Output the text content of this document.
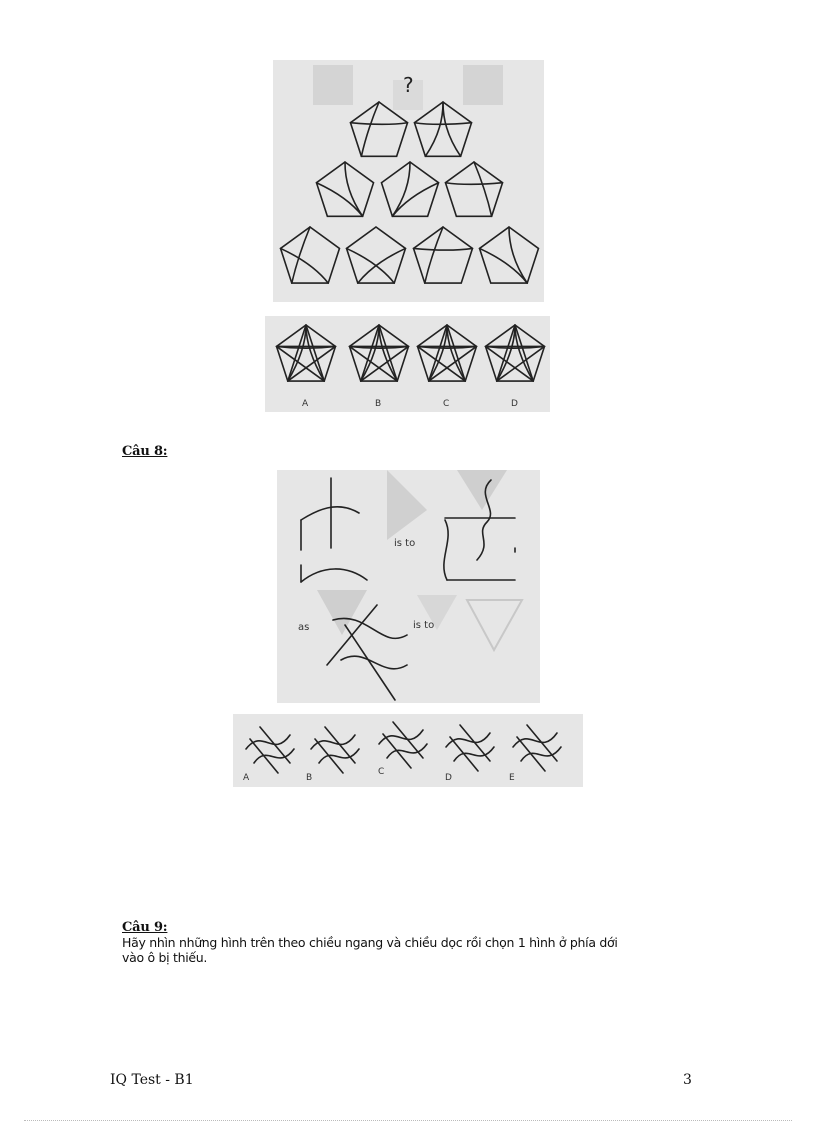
?
A	B	C	D
Câu 8:
is to
as	is to
A	B
C
D	E
Câu 9:
Hãy nhìn những hình trên theo chiều ngang và chiều dọc rồi chọn 1 hình ở phía dới
vào ô bị thiếu.
IQ Test - B1	3
